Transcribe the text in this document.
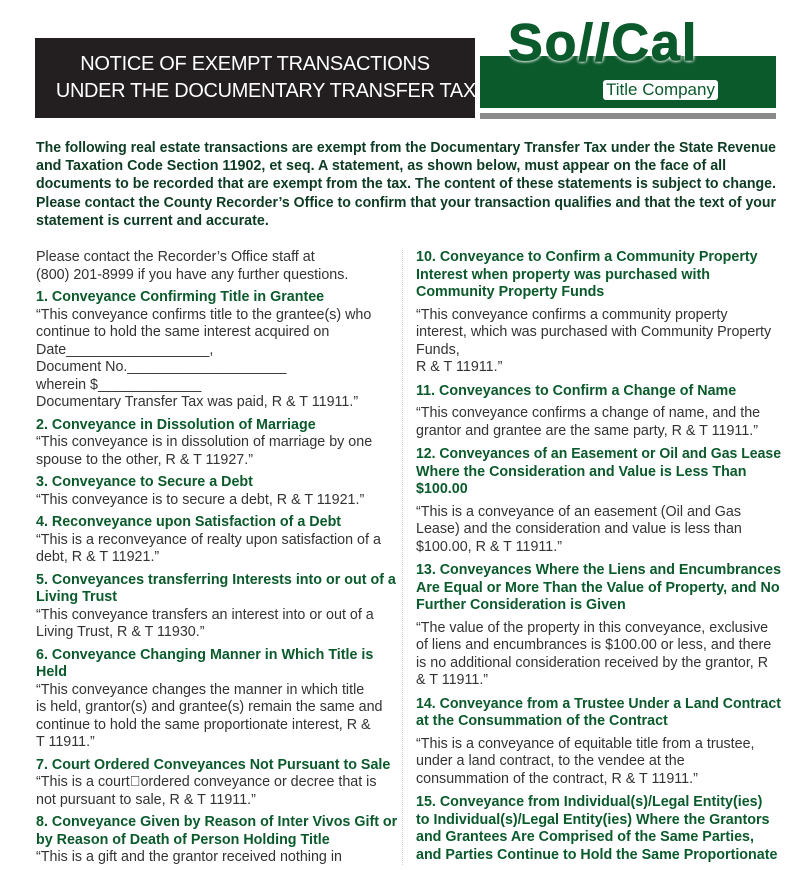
NOTICE OF EXEMPT TRANSACTIONS
UNDER THE DOCUMENTARY TRANSFER TAX
So//Cal
Title Company
The following real estate transactions are exempt from the Documentary Transfer Tax under the State Revenue
and Taxation Code Section 11902, et seq. A statement, as shown below, must appear on the face of all
documents to be recorded that are exempt from the tax. The content of these statements is subject to change.
Please contact the County Recorder’s Office to confirm that your transaction qualifies and that the text of your
statement is current and accurate.
Please contact the Recorder’s Office staff at
(800) 201-8999 if you have any further questions.
1. Conveyance Confirming Title in Grantee
“This conveyance confirms title to the grantee(s) who
continue to hold the same interest acquired on
Date__________________,
Document No.____________________
wherein $_____________
Documentary Transfer Tax was paid, R & T 11911.”
2. Conveyance in Dissolution of Marriage
“This conveyance is in dissolution of marriage by one
spouse to the other, R & T 11927.”
3. Conveyance to Secure a Debt
“This conveyance is to secure a debt, R & T 11921.”
4. Reconveyance upon Satisfaction of a Debt
“This is a reconveyance of realty upon satisfaction of a
debt, R & T 11921.”
5. Conveyances transferring Interests into or out of a
Living Trust
“This conveyance transfers an interest into or out of a
Living Trust, R & T 11930.”
6. Conveyance Changing Manner in Which Title is
Held
“This conveyance changes the manner in which title
is held, grantor(s) and grantee(s) remain the same and
continue to hold the same proportionate interest, R &
T 11911.”
7. Court Ordered Conveyances Not Pursuant to Sale
“This is a court￾ordered conveyance or decree that is
not pursuant to sale, R & T 11911.”
8. Conveyance Given by Reason of Inter Vivos Gift or
by Reason of Death of Person Holding Title
“This is a gift and the grantor received nothing in
10. Conveyance to Confirm a Community Property
Interest when property was purchased with
Community Property Funds
“This conveyance confirms a community property
interest, which was purchased with Community Property
Funds,
R & T 11911.”
11. Conveyances to Confirm a Change of Name
“This conveyance confirms a change of name, and the
grantor and grantee are the same party, R & T 11911.”
12. Conveyances of an Easement or Oil and Gas Lease
Where the Consideration and Value is Less Than
$100.00
“This is a conveyance of an easement (Oil and Gas
Lease) and the consideration and value is less than
$100.00, R & T 11911.”
13. Conveyances Where the Liens and Encumbrances
Are Equal or More Than the Value of Property, and No
Further Consideration is Given
“The value of the property in this conveyance, exclusive
of liens and encumbrances is $100.00 or less, and there
is no additional consideration received by the grantor, R
& T 11911.”
14. Conveyance from a Trustee Under a Land Contract
at the Consummation of the Contract
“This is a conveyance of equitable title from a trustee,
under a land contract, to the vendee at the
consummation of the contract, R & T 11911.”
15. Conveyance from Individual(s)/Legal Entity(ies)
to Individual(s)/Legal Entity(ies) Where the Grantors
and Grantees Are Comprised of the Same Parties,
and Parties Continue to Hold the Same Proportionate
